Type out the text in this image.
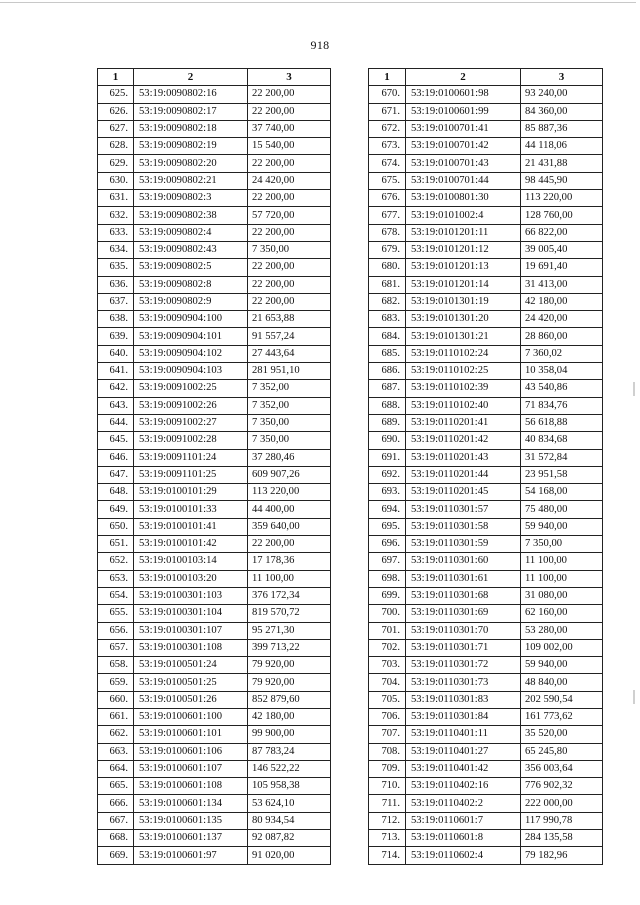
918
1	2	3
625.	53:19:0090802:16	22 200,00
626.	53:19:0090802:17	22 200,00
627.	53:19:0090802:18	37 740,00
628.	53:19:0090802:19	15 540,00
629.	53:19:0090802:20	22 200,00
630.	53:19:0090802:21	24 420,00
631.	53:19:0090802:3	22 200,00
632.	53:19:0090802:38	57 720,00
633.	53:19:0090802:4	22 200,00
634.	53:19:0090802:43	7 350,00
635.	53:19:0090802:5	22 200,00
636.	53:19:0090802:8	22 200,00
637.	53:19:0090802:9	22 200,00
638.	53:19:0090904:100	21 653,88
639.	53:19:0090904:101	91 557,24
640.	53:19:0090904:102	27 443,64
641.	53:19:0090904:103	281 951,10
642.	53:19:0091002:25	7 352,00
643.	53:19:0091002:26	7 352,00
644.	53:19:0091002:27	7 350,00
645.	53:19:0091002:28	7 350,00
646.	53:19:0091101:24	37 280,46
647.	53:19:0091101:25	609 907,26
648.	53:19:0100101:29	113 220,00
649.	53:19:0100101:33	44 400,00
650.	53:19:0100101:41	359 640,00
651.	53:19:0100101:42	22 200,00
652.	53:19:0100103:14	17 178,36
653.	53:19:0100103:20	11 100,00
654.	53:19:0100301:103	376 172,34
655.	53:19:0100301:104	819 570,72
656.	53:19:0100301:107	95 271,30
657.	53:19:0100301:108	399 713,22
658.	53:19:0100501:24	79 920,00
659.	53:19:0100501:25	79 920,00
660.	53:19:0100501:26	852 879,60
661.	53:19:0100601:100	42 180,00
662.	53:19:0100601:101	99 900,00
663.	53:19:0100601:106	87 783,24
664.	53:19:0100601:107	146 522,22
665.	53:19:0100601:108	105 958,38
666.	53:19:0100601:134	53 624,10
667.	53:19:0100601:135	80 934,54
668.	53:19:0100601:137	92 087,82
669.	53:19:0100601:97	91 020,00
1	2	3
670.	53:19:0100601:98	93 240,00
671.	53:19:0100601:99	84 360,00
672.	53:19:0100701:41	85 887,36
673.	53:19:0100701:42	44 118,06
674.	53:19:0100701:43	21 431,88
675.	53:19:0100701:44	98 445,90
676.	53:19:0100801:30	113 220,00
677.	53:19:0101002:4	128 760,00
678.	53:19:0101201:11	66 822,00
679.	53:19:0101201:12	39 005,40
680.	53:19:0101201:13	19 691,40
681.	53:19:0101201:14	31 413,00
682.	53:19:0101301:19	42 180,00
683.	53:19:0101301:20	24 420,00
684.	53:19:0101301:21	28 860,00
685.	53:19:0110102:24	7 360,02
686.	53:19:0110102:25	10 358,04
687.	53:19:0110102:39	43 540,86
688.	53:19:0110102:40	71 834,76
689.	53:19:0110201:41	56 618,88
690.	53:19:0110201:42	40 834,68
691.	53:19:0110201:43	31 572,84
692.	53:19:0110201:44	23 951,58
693.	53:19:0110201:45	54 168,00
694.	53:19:0110301:57	75 480,00
695.	53:19:0110301:58	59 940,00
696.	53:19:0110301:59	7 350,00
697.	53:19:0110301:60	11 100,00
698.	53:19:0110301:61	11 100,00
699.	53:19:0110301:68	31 080,00
700.	53:19:0110301:69	62 160,00
701.	53:19:0110301:70	53 280,00
702.	53:19:0110301:71	109 002,00
703.	53:19:0110301:72	59 940,00
704.	53:19:0110301:73	48 840,00
705.	53:19:0110301:83	202 590,54
706.	53:19:0110301:84	161 773,62
707.	53:19:0110401:11	35 520,00
708.	53:19:0110401:27	65 245,80
709.	53:19:0110401:42	356 003,64
710.	53:19:0110402:16	776 902,32
711.	53:19:0110402:2	222 000,00
712.	53:19:0110601:7	117 990,78
713.	53:19:0110601:8	284 135,58
714.	53:19:0110602:4	79 182,96
